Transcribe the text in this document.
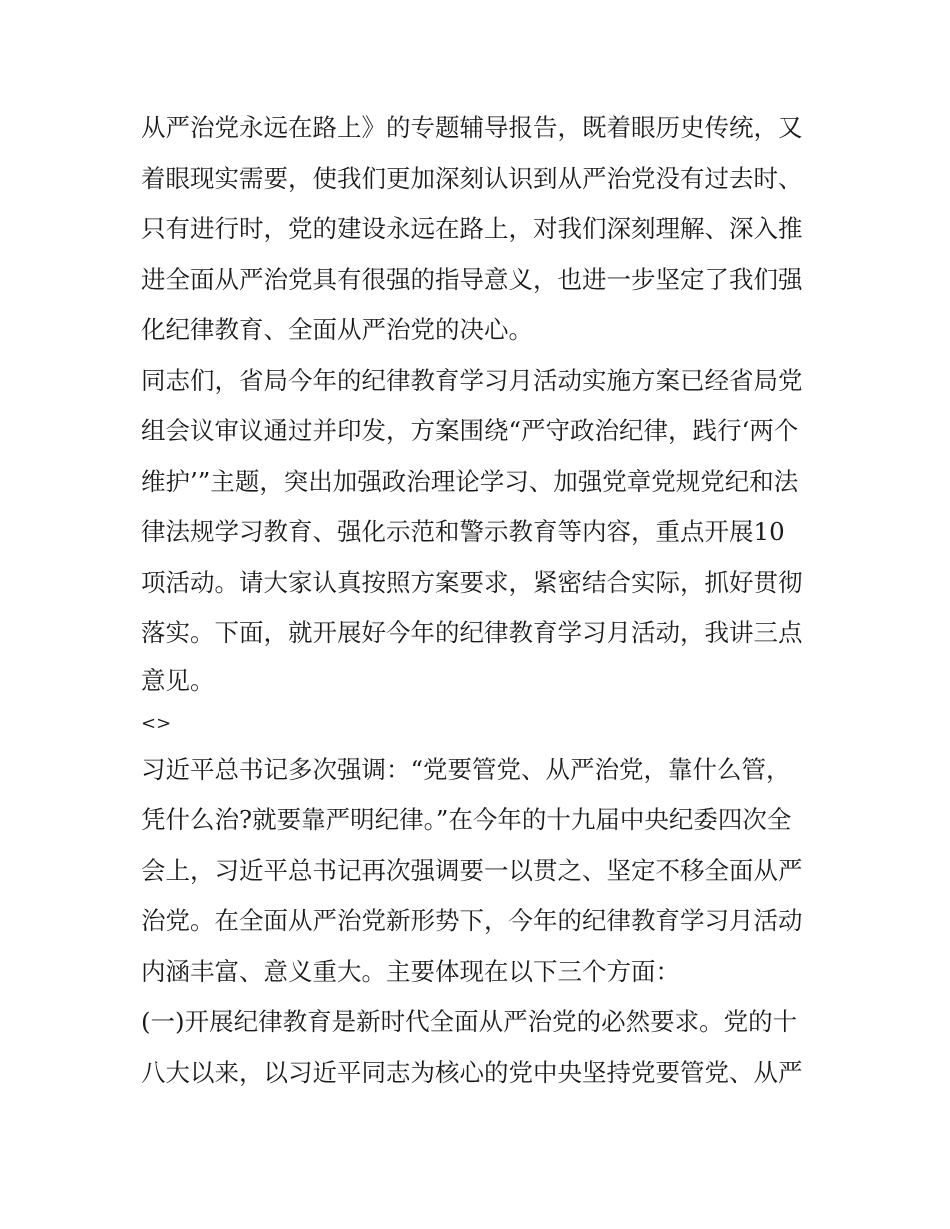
从严治党永远在路上》的专题辅导报告，既着眼历史传统，又
着眼现实需要，使我们更加深刻认识到从严治党没有过去时、
只有进行时，党的建设永远在路上，对我们深刻理解、深入推
进全面从严治党具有很强的指导意义，也进一步坚定了我们强
化纪律教育、全面从严治党的决心。
同志们，省局今年的纪律教育学习月活动实施方案已经省局党
组会议审议通过并印发，方案围绕“严守政治纪律，践行‘两个
维护’”主题，突出加强政治理论学习、加强党章党规党纪和法
律法规学习教育、强化示范和警示教育等内容，重点开展10
项活动。请大家认真按照方案要求，紧密结合实际，抓好贯彻
落实。下面，就开展好今年的纪律教育学习月活动，我讲三点
意见。
<>
习近平总书记多次强调：“党要管党、从严治党，靠什么管，
凭什么治?就要靠严明纪律。”在今年的十九届中央纪委四次全
会上，习近平总书记再次强调要一以贯之、坚定不移全面从严
治党。在全面从严治党新形势下，今年的纪律教育学习月活动
内涵丰富、意义重大。主要体现在以下三个方面：
(一)开展纪律教育是新时代全面从严治党的必然要求。党的十
八大以来，以习近平同志为核心的党中央坚持党要管党、从严
